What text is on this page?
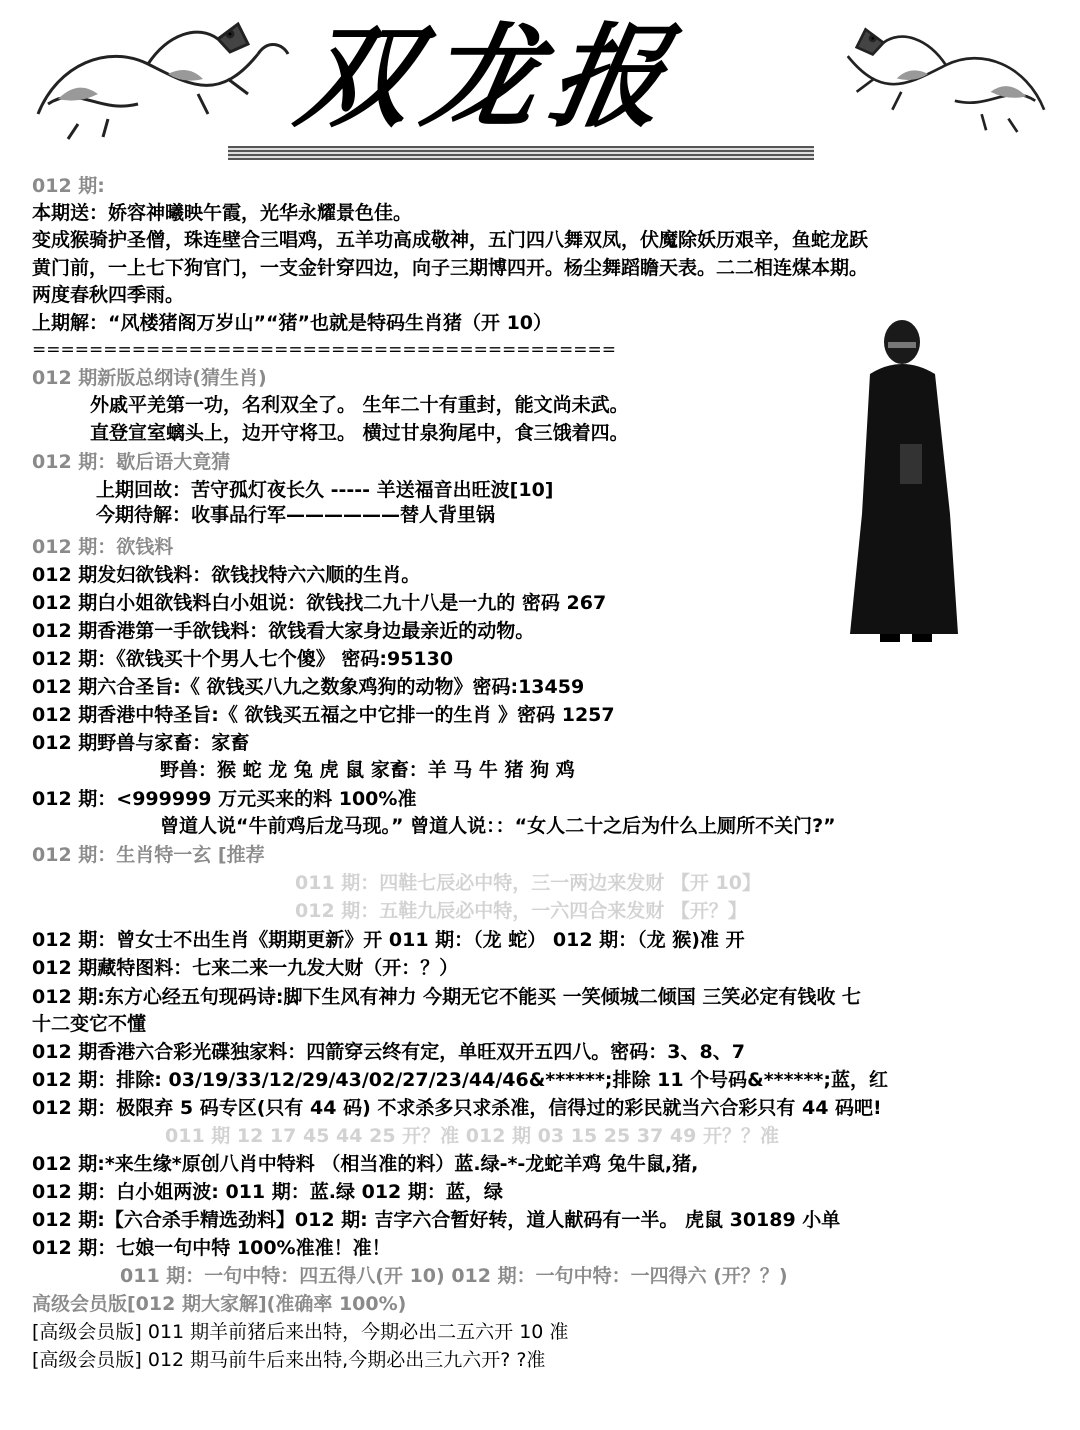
双龙报
012 期:
本期送：娇容神曦映午霞，光华永耀景色佳。
变成猴骑护圣僧，珠连壁合三唱鸡，五羊功高成敬神，五门四八舞双凤，伏魔除妖历艰辛，鱼蛇龙跃
黄门前，一上七下狗官门，一支金针穿四边，向子三期博四开。杨尘舞蹈瞻天表。二二相连煤本期。
两度春秋四季雨。
上期解：“风楼猪阁万岁山”“猪”也就是特码生肖猪（开 10）
=========================================
012 期新版总纲诗(猜生肖)
外戚平羌第一功，名利双全了。 生年二十有重封，能文尚未武。
直登宣室螭头上，边开守将卫。 横过甘泉狗尾中，食三饿着四。
012 期：歇后语大竟猜
上期回故：苦守孤灯夜长久 ----- 羊送福音出旺波[10]
今期待解：收事品行军——————替人背里锅
012 期：欲钱料
012 期发妇欲钱料：欲钱找特六六顺的生肖。
012 期白小姐欲钱料白小姐说：欲钱找二九十八是一九的 密码 267
012 期香港第一手欲钱料：欲钱看大家身边最亲近的动物。
012 期：《欲钱买十个男人七个傻》 密码:95130
012 期六合圣旨:《 欲钱买八九之数象鸡狗的动物》密码:13459
012 期香港中特圣旨:《 欲钱买五福之中它排一的生肖 》密码 1257
012 期野兽与家畜：家畜
野兽：猴 蛇 龙 兔 虎 鼠 家畜：羊 马 牛 猪 狗 鸡
012 期：<999999 万元买来的料 100%准
曾道人说“牛前鸡后龙马现。” 曾道人说：：“女人二十之后为什么上厕所不关门?”
012 期：生肖特一玄 [推荐
011 期：四鞋七辰必中特，三一两边来发财 【开 10】
012 期：五鞋九辰必中特，一六四合来发财 【开？】
012 期：曾女士不出生肖《期期更新》开 011 期：（龙 蛇） 012 期：（龙 猴)准 开
012 期藏特图料：七来二来一九发大财（开：？）
012 期:东方心经五句现码诗:脚下生风有神力 今期无它不能买 一笑倾城二倾国 三笑必定有钱收 七
十二变它不懂
012 期香港六合彩光碟独家料：四箭穿云终有定，单旺双开五四八。密码：3、8、7
012 期：排除: 03/19/33/12/29/43/02/27/23/44/46&******;排除 11 个号码&******;蓝，红
012 期：极限弃 5 码专区(只有 44 码) 不求杀多只求杀准，信得过的彩民就当六合彩只有 44 码吧!
011 期 12 17 45 44 25 开？准 012 期 03 15 25 37 49 开？？准
012 期:*来生缘*原创八肖中特料 （相当准的料）蓝.绿-*-龙蛇羊鸡 兔牛鼠,猪,
012 期：白小姐两波: 011 期：蓝.绿 012 期：蓝，绿
012 期:【六合杀手精选劲料】012 期: 吉字六合暂好转，道人献码有一半。 虎鼠 30189 小单
012 期：七娘一句中特 100%准准！准！
011 期：一句中特：四五得八(开 10) 012 期：一句中特：一四得六 (开？？)
高级会员版[012 期大家解](准确率 100%)
[高级会员版] 011 期羊前猪后来出特，今期必出二五六开 10 准
[高级会员版] 012 期马前牛后来出特,今期必出三九六开? ?准
